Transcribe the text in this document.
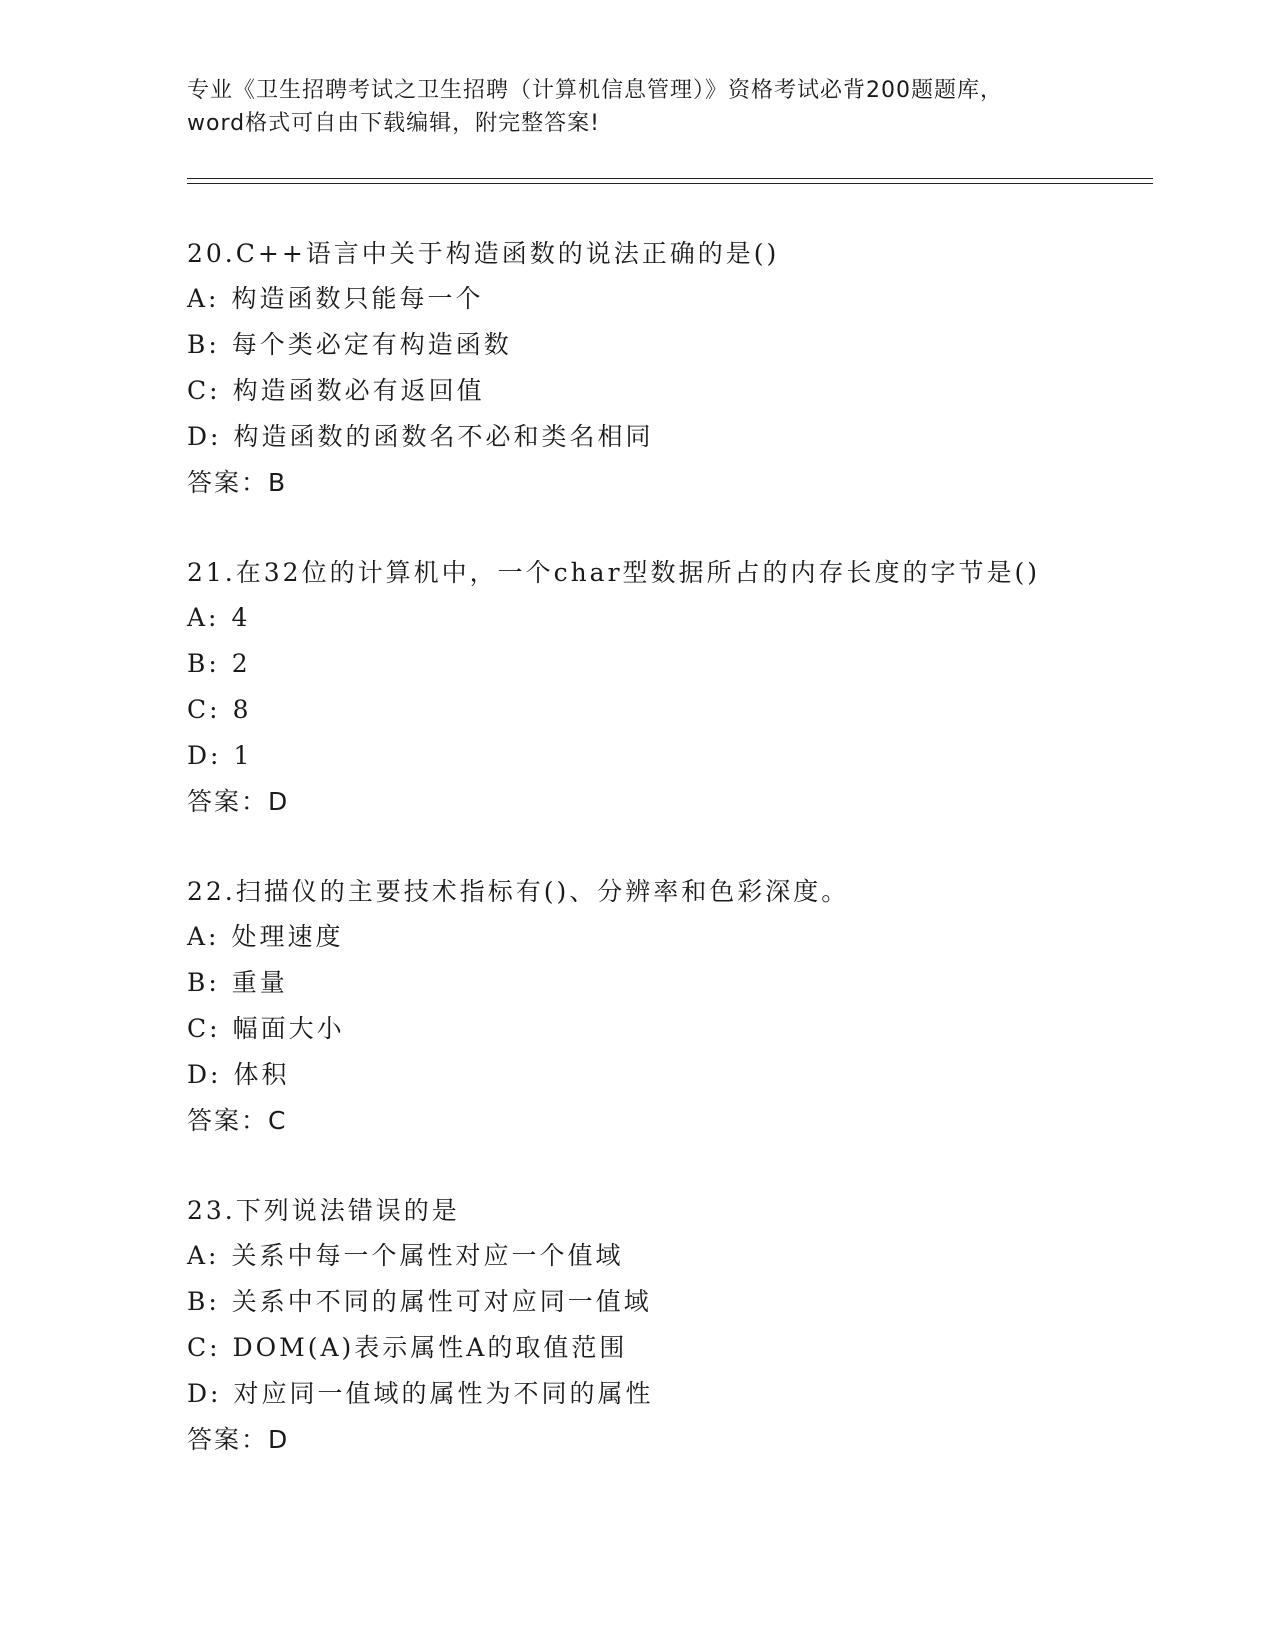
专业《卫生招聘考试之卫生招聘（计算机信息管理）》资格考试必背200题题库，
word格式可自由下载编辑，附完整答案!
20.C++语言中关于构造函数的说法正确的是()
A: 构造函数只能每一个
B: 每个类必定有构造函数
C: 构造函数必有返回值
D: 构造函数的函数名不必和类名相同
答案：B
21.在32位的计算机中，一个char型数据所占的内存长度的字节是()
A: 4
B: 2
C: 8
D: 1
答案：D
22.扫描仪的主要技术指标有()、分辨率和色彩深度。
A: 处理速度
B: 重量
C: 幅面大小
D: 体积
答案：C
23.下列说法错误的是
A: 关系中每一个属性对应一个值域
B: 关系中不同的属性可对应同一值域
C: DOM(A)表示属性A的取值范围
D: 对应同一值域的属性为不同的属性
答案：D
